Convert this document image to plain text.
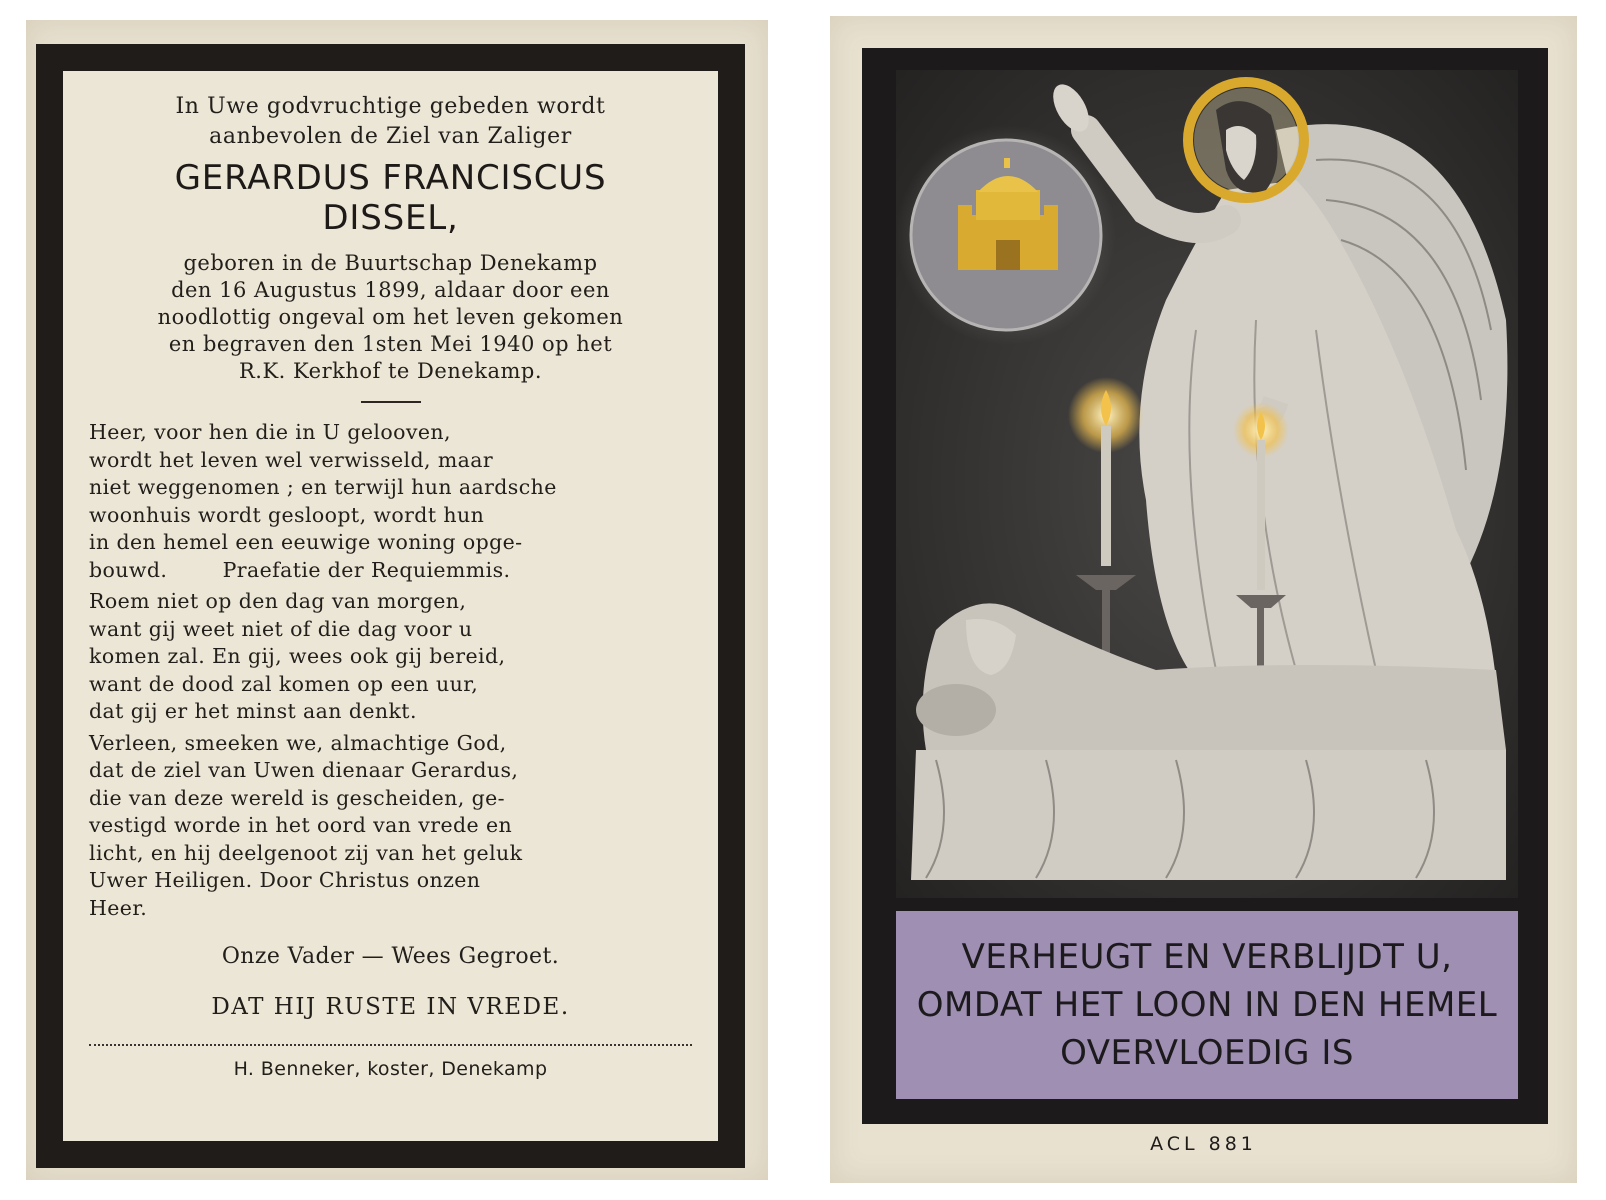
In Uwe godvruchtige gebeden wordt
aanbevolen de Ziel van Zaliger

GERARDUS FRANCISCUS
DISSEL,

geboren in de Buurtschap Denekamp
den 16 Augustus 1899, aldaar door een
noodlottig ongeval om het leven gekomen
en begraven den 1sten Mei 1940 op het
R.K. Kerkhof te Denekamp.

Heer, voor hen die in U gelooven,
wordt het leven wel verwisseld, maar
niet weggenomen ; en terwijl hun aardsche
woonhuis wordt gesloopt, wordt hun
in den hemel een eeuwige woning opge-
bouwd.        Praefatie der Requiemmis.

Roem niet op den dag van morgen,
want gij weet niet of die dag voor u
komen zal. En gij, wees ook gij bereid,
want de dood zal komen op een uur,
dat gij er het minst aan denkt.

Verleen, smeeken we, almachtige God,
dat de ziel van Uwen dienaar Gerardus,
die van deze wereld is gescheiden, ge-
vestigd worde in het oord van vrede en
licht, en hij deelgenoot zij van het geluk
Uwer Heiligen. Door Christus onzen
Heer.

Onze Vader — Wees Gegroet.

DAT HIJ RUSTE IN VREDE.

H. Benneker, koster, Denekamp

VERHEUGT EN VERBLIJDT U,
OMDAT HET LOON IN DEN HEMEL
OVERVLOEDIG IS
ACL 881
